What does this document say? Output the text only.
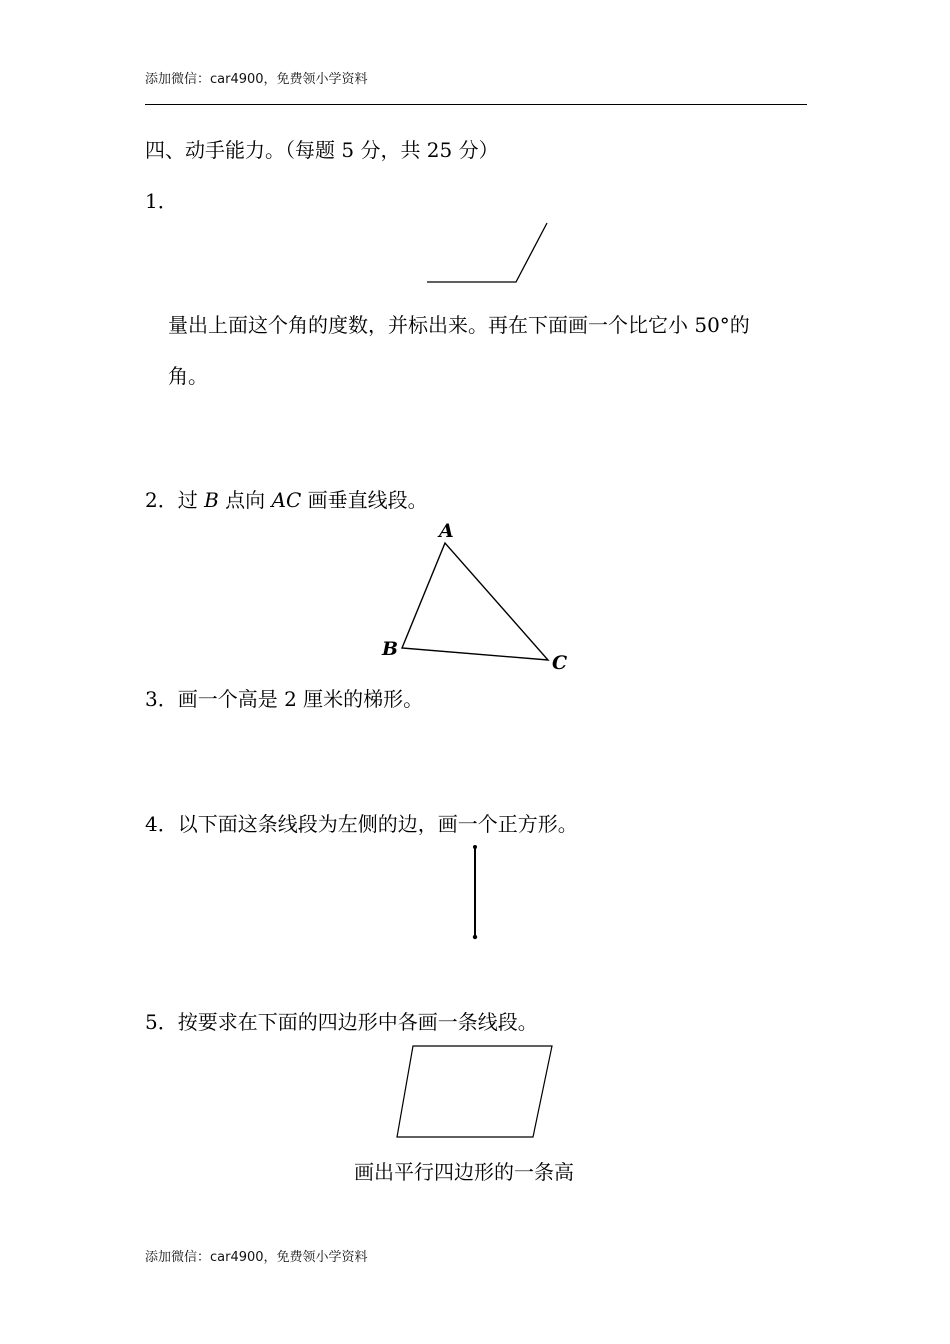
添加微信：car4900，免费领小学资料
四、动手能力。（每题 5 分，共 25 分）
1．
量出上面这个角的度数，并标出来。再在下面画一个比它小 50°的
角。
2．过 B 点向 AC 画垂直线段。
A
B
C
3．画一个高是 2 厘米的梯形。
4．以下面这条线段为左侧的边，画一个正方形。
5．按要求在下面的四边形中各画一条线段。
画出平行四边形的一条高
添加微信：car4900，免费领小学资料
